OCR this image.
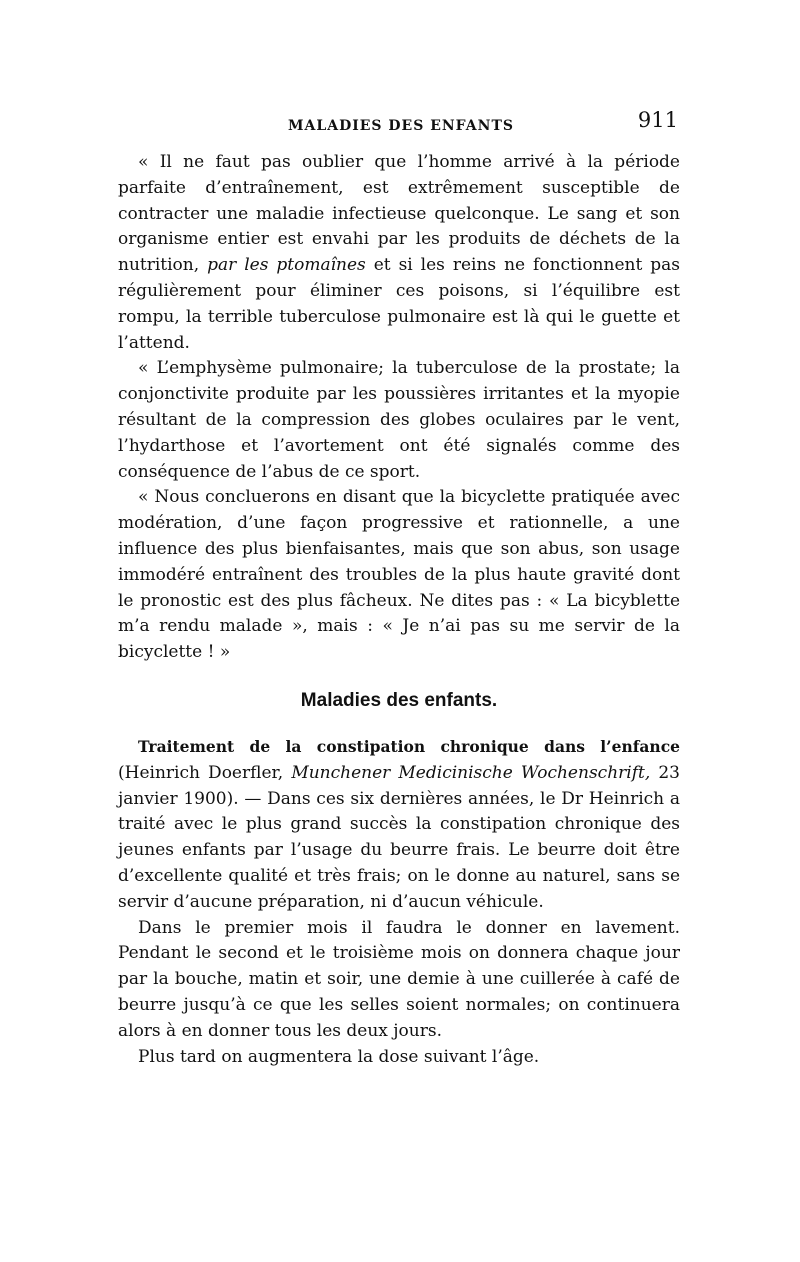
MALADIES DES ENFANTS	911

« Il ne faut pas oublier que l’homme arrivé à la période parfaite d’entraînement, est extrêmement susceptible de contracter une maladie infectieuse quelconque. Le sang et son organisme entier est envahi par les produits de déchets de la nutrition, par les ptomaînes et si les reins ne fonctionnent pas régulièrement pour éliminer ces poisons, si l’équilibre est rompu, la terrible tuberculose pulmonaire est là qui le guette et l’attend.

« L’emphysème pulmonaire; la tuberculose de la prostate; la conjonctivite produite par les poussières irritantes et la myopie résultant de la compression des globes oculaires par le vent, l’hydarthose et l’avortement ont été signalés comme des conséquence de l’abus de ce sport.

« Nous concluerons en disant que la bicyclette pratiquée avec modération, d’une façon progressive et rationnelle, a une influence des plus bienfaisantes, mais que son abus, son usage immodéré entraînent des troubles de la plus haute gravité dont le pronostic est des plus fâcheux. Ne dites pas : « La bicyblette m’a rendu malade », mais : « Je n’ai pas su me servir de la bicyclette ! »

Maladies des enfants.

Traitement de la constipation chronique dans l’enfance (Heinrich Doerfler, Munchener Medicinische Wochenschrift, 23 janvier 1900). — Dans ces six dernières années, le Dr Heinrich a traité avec le plus grand succès la constipation chronique des jeunes enfants par l’usage du beurre frais. Le beurre doit être d’excellente qualité et très frais; on le donne au naturel, sans se servir d’aucune préparation, ni d’aucun véhicule.

Dans le premier mois il faudra le donner en lavement. Pendant le second et le troisième mois on donnera chaque jour par la bouche, matin et soir, une demie à une cuillerée à café de beurre jusqu’à ce que les selles soient normales; on continuera alors à en donner tous les deux jours.

Plus tard on augmentera la dose suivant l’âge.
